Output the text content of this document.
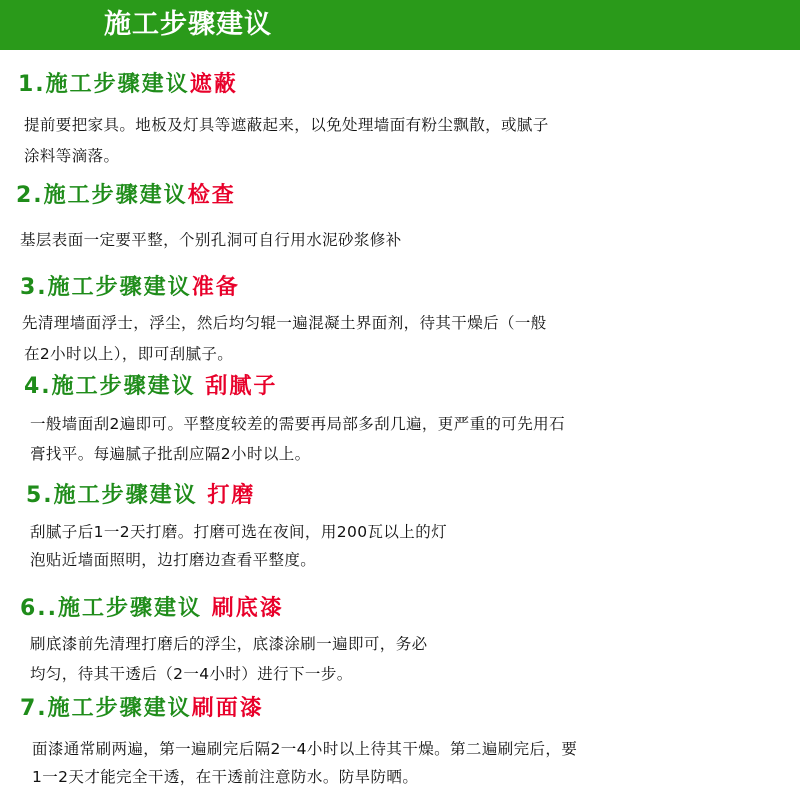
施工步骤建议
1.施工步骤建议遮蔽
提前要把家具。地板及灯具等遮蔽起来，以免处理墙面有粉尘飘散，或腻子
涂料等滴落。
2.施工步骤建议检查
基层表面一定要平整，个别孔洞可自行用水泥砂浆修补
3.施工步骤建议准备
先清理墙面浮士，浮尘，然后均匀辊一遍混凝土界面剂，待其干燥后（一般
在2小时以上），即可刮腻子。
4.施工步骤建议 刮腻子
一般墙面刮2遍即可。平整度较差的需要再局部多刮几遍，更严重的可先用石
膏找平。每遍腻子批刮应隔2小时以上。
5.施工步骤建议 打磨
刮腻子后1一2天打磨。打磨可选在夜间，用200瓦以上的灯
泡贴近墙面照明，边打磨边查看平整度。
6..施工步骤建议 刷底漆
刷底漆前先清理打磨后的浮尘，底漆涂刷一遍即可，务必
均匀，待其干透后（2一4小时）进行下一步。
7.施工步骤建议刷面漆
面漆通常刷两遍，第一遍刷完后隔2一4小时以上待其干燥。第二遍刷完后，要
1一2天才能完全干透，在干透前注意防水。防旱防晒。
